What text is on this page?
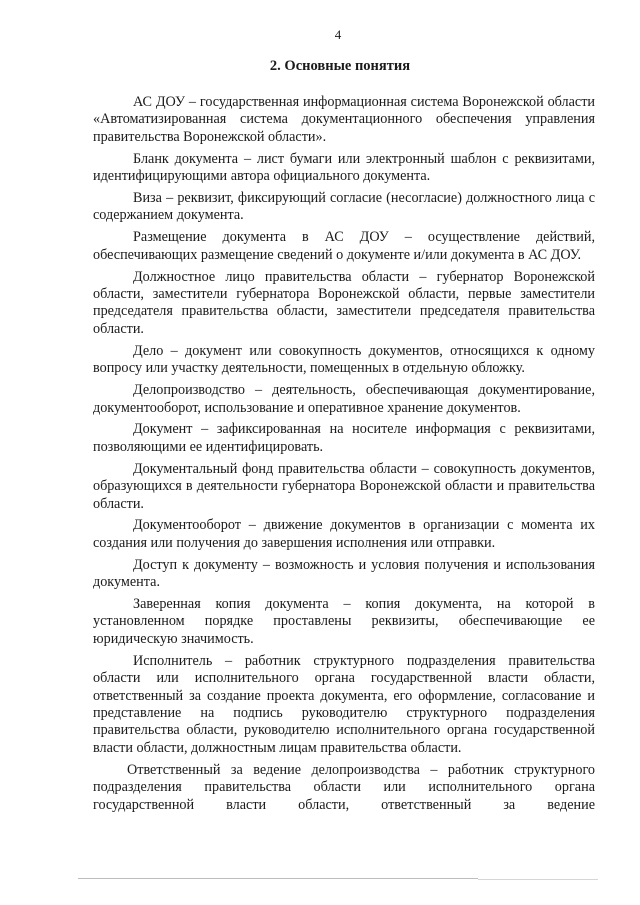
4
2. Основные понятия

АС ДОУ – государственная информационная система Воронежской области «Автоматизированная система документационного обеспечения управления правительства Воронежской области».

Бланк документа – лист бумаги или электронный шаблон с реквизитами, идентифицирующими автора официального документа.

Виза – реквизит, фиксирующий согласие (несогласие) должностного лица с содержанием документа.

Размещение документа в АС ДОУ – осуществление действий, обеспечивающих размещение сведений о документе и/или документа в АС ДОУ.

Должностное лицо правительства области – губернатор Воронежской области, заместители губернатора Воронежской области, первые заместители председателя правительства области, заместители председателя правительства области.

Дело – документ или совокупность документов, относящихся к одному вопросу или участку деятельности, помещенных в отдельную обложку.

Делопроизводство – деятельность, обеспечивающая документирование, документооборот, использование и оперативное хранение документов.

Документ – зафиксированная на носителе информация с реквизитами, позволяющими ее идентифицировать.

Документальный фонд правительства области – совокупность документов, образующихся в деятельности губернатора Воронежской области и правительства области.

Документооборот – движение документов в организации с момента их создания или получения до завершения исполнения или отправки.

Доступ к документу – возможность и условия получения и использования документа.

Заверенная копия документа – копия документа, на которой в установленном порядке проставлены реквизиты, обеспечивающие ее юридическую значимость.

Исполнитель – работник структурного подразделения правительства области или исполнительного органа государственной власти области, ответственный за создание проекта документа, его оформление, согласование и представление на подпись руководителю структурного подразделения правительства области, руководителю исполнительного органа государственной власти области, должностным лицам правительства области.

Ответственный за ведение делопроизводства – работник структурного подразделения правительства области или исполнительного органа государственной власти области, ответственный за ведение
